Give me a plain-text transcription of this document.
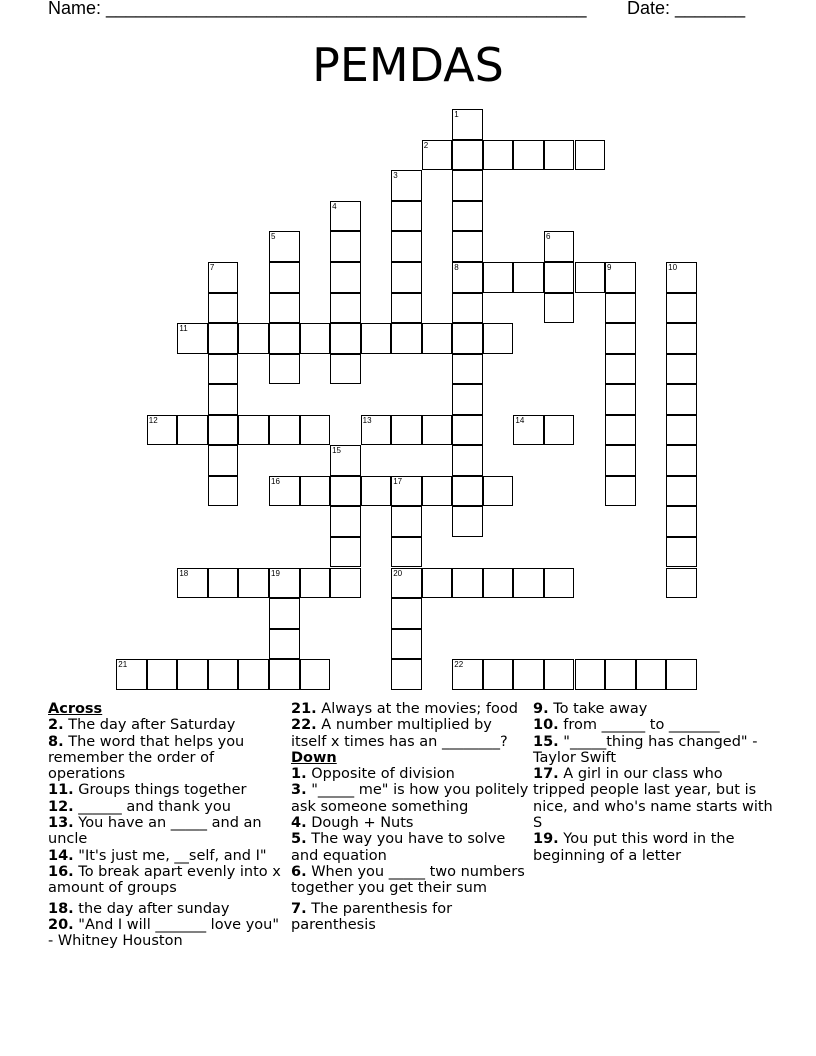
Name: ________________________________________________ Date: _______
PEMDAS
2
8	9
11
12	13	14
16	17
18	19	20
21	22
1
3
4
5	6
7	10
15
Across
2. The day after Saturday
8. The word that helps you remember the order of operations
11. Groups things together
12. ______ and thank you
13. You have an _____ and an uncle
14. "It's just me, __self, and I"
16. To break apart evenly into x amount of groups
18. the day after sunday
20. "And I will _______ love you" - Whitney Houston
21. Always at the movies; food
22. A number multiplied by itself x times has an ________?
Down
1. Opposite of division
3. "_____ me" is how you politely ask someone something
4. Dough + Nuts
5. The way you have to solve and equation
6. When you _____ two numbers together you get their sum
7. The parenthesis for parenthesis
9. To take away
10. from ______ to _______
15. "_____thing has changed" - Taylor Swift
17. A girl in our class who tripped people last year, but is nice, and who's name starts with S
19. You put this word in the beginning of a letter
